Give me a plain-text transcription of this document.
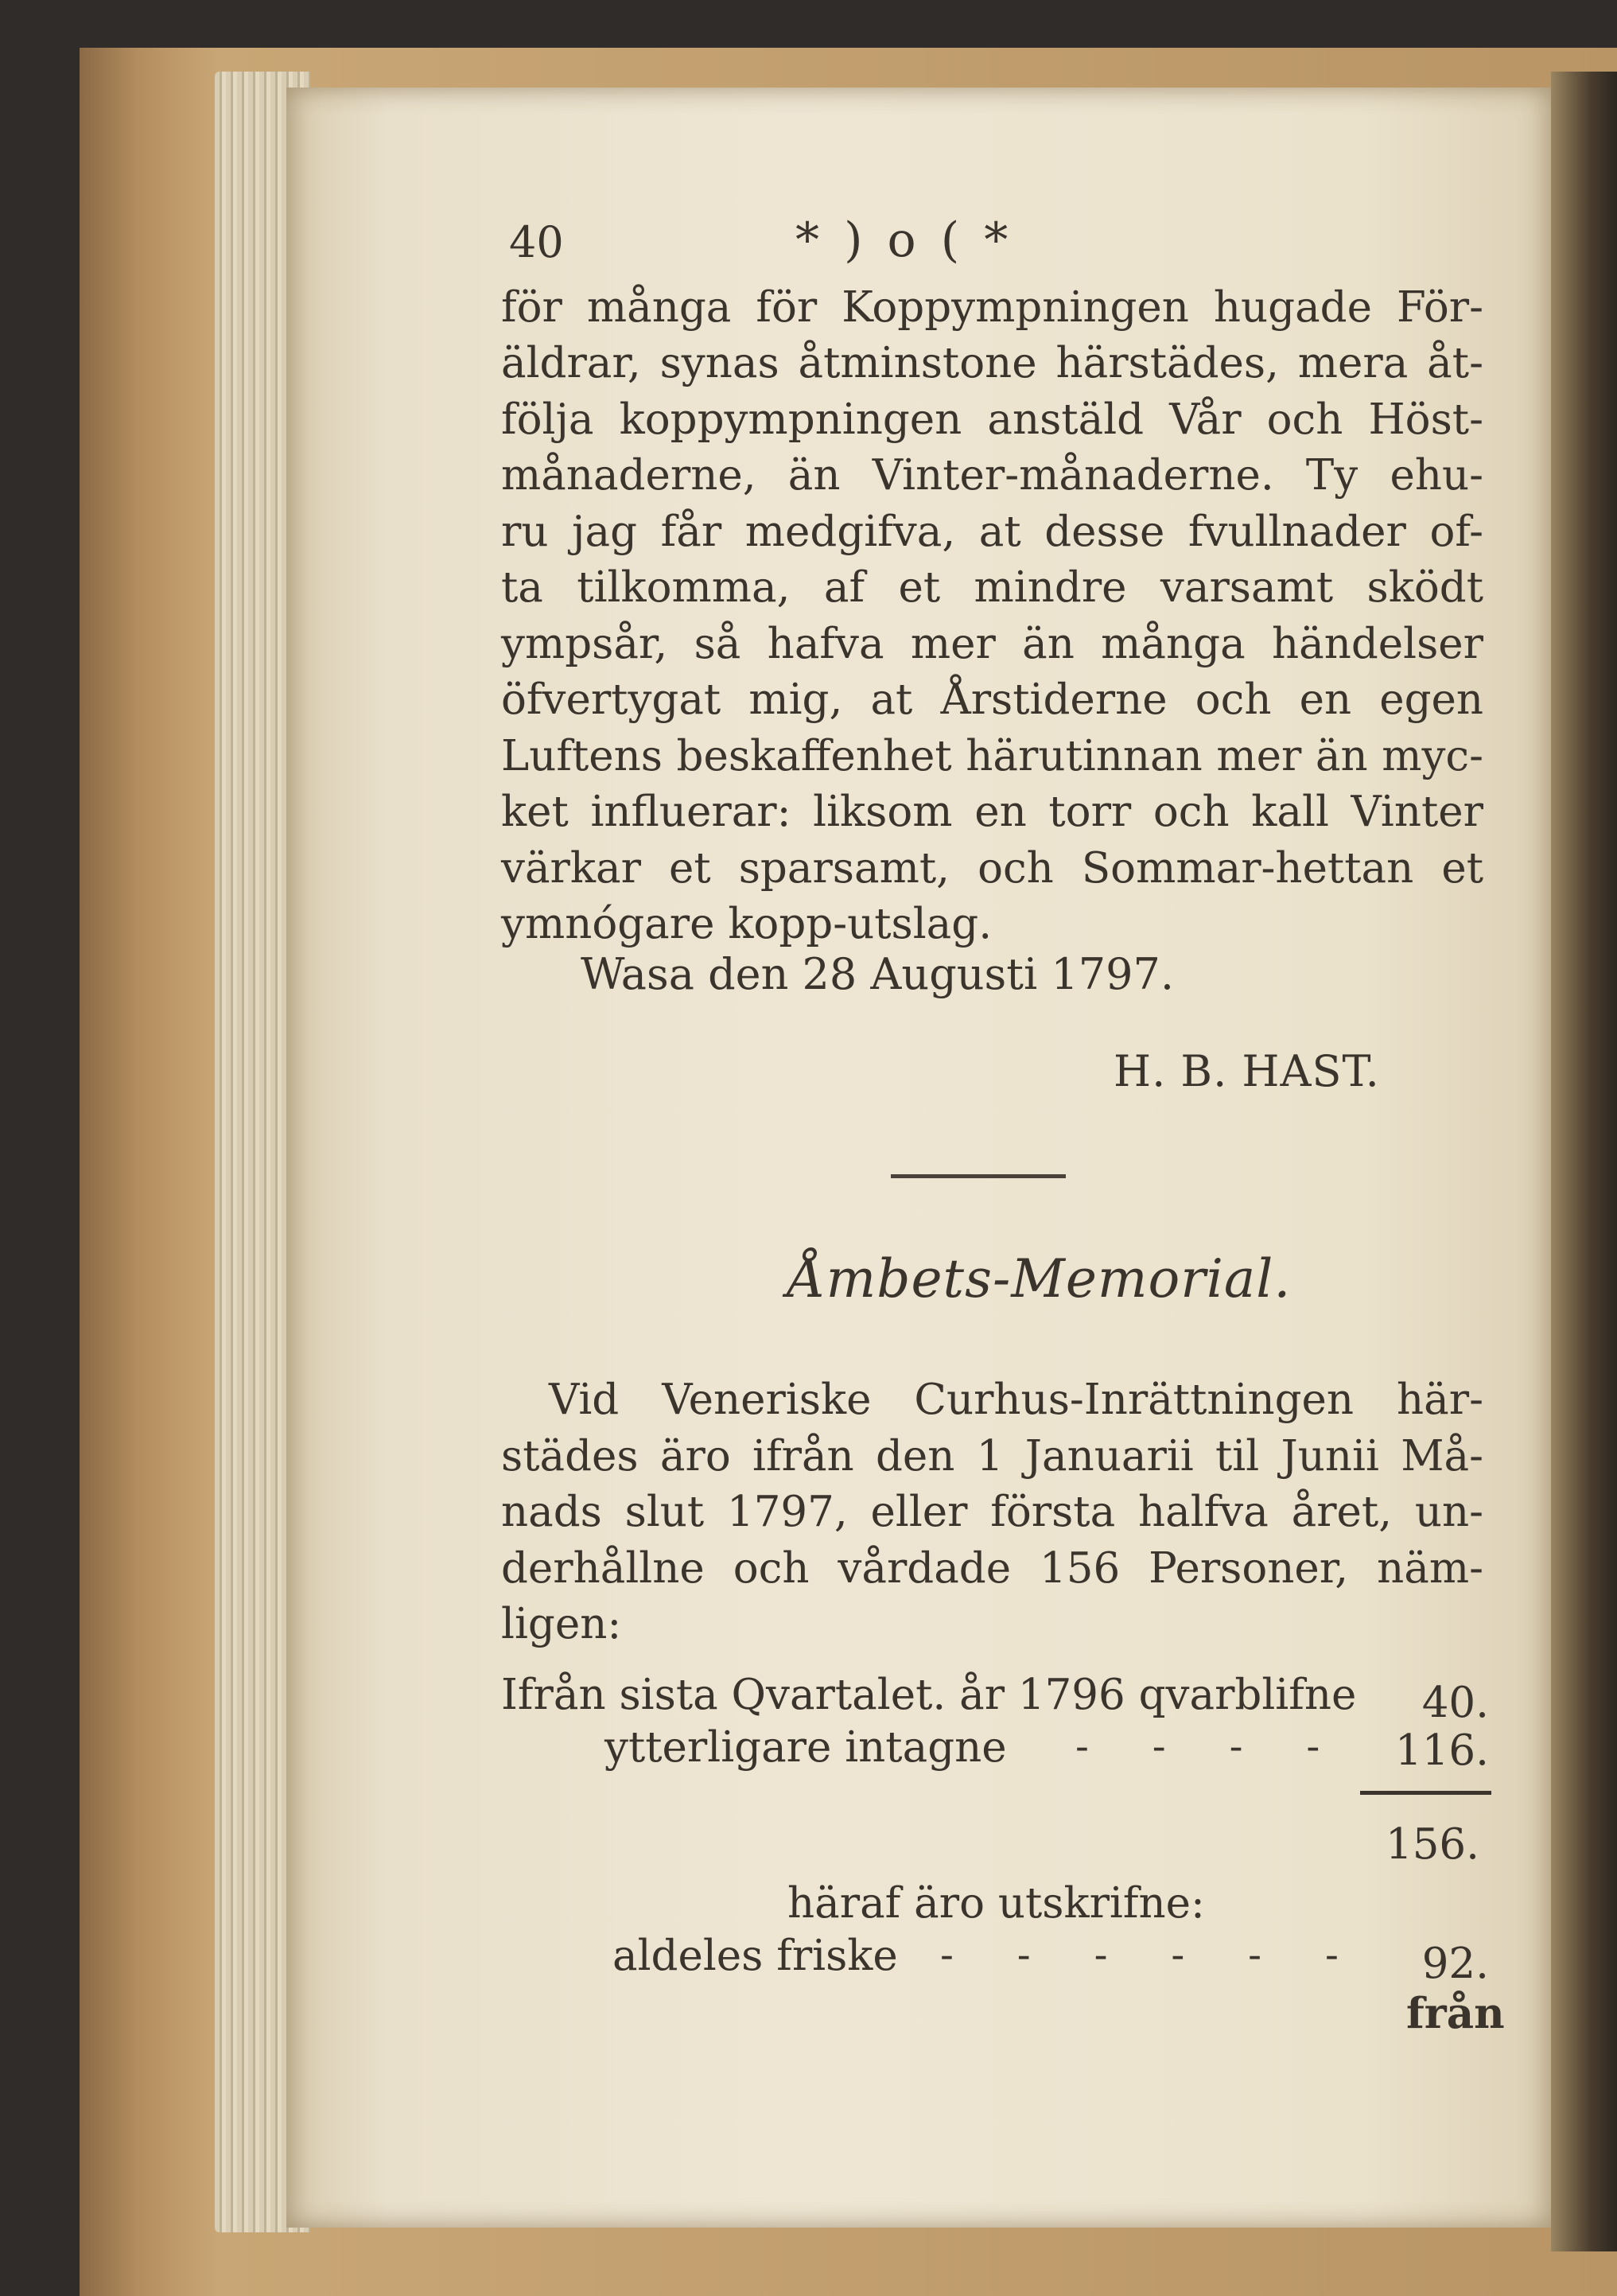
40	* ) o ( *
för många för Koppympningen hugade För-
äldrar, synas åtminstone härstädes, mera åt-
följa koppympningen anstäld Vår och Höst-
månaderne, än Vinter-månaderne. Ty ehu-
ru jag får medgifva, at desse fvullnader of-
ta tilkomma, af et mindre varsamt sködt
ympsår, så hafva mer än många händelser
öfvertygat mig, at Årstiderne och en egen
Luftens beskaffenhet härutinnan mer än myc-
ket influerar: liksom en torr och kall Vinter
värkar et sparsamt, och Sommar-hettan et
ymnógare kopp-utslag.
Wasa den 28 Augusti 1797.
H. B. HAST.
Åmbets-Memorial.
Vid Veneriske Curhus-Inrättningen här-
städes äro ifrån den 1 Januarii til Junii Må-
nads slut 1797, eller första halfva året, un-
derhållne och vårdade 156 Personer, näm-
ligen:
Ifrån sista Qvartalet. år 1796 qvarblifne	40.
ytterligare intagne - - - -	116.
156.
häraf äro utskrifne:
aldeles friske - - - - - -	92.
från
